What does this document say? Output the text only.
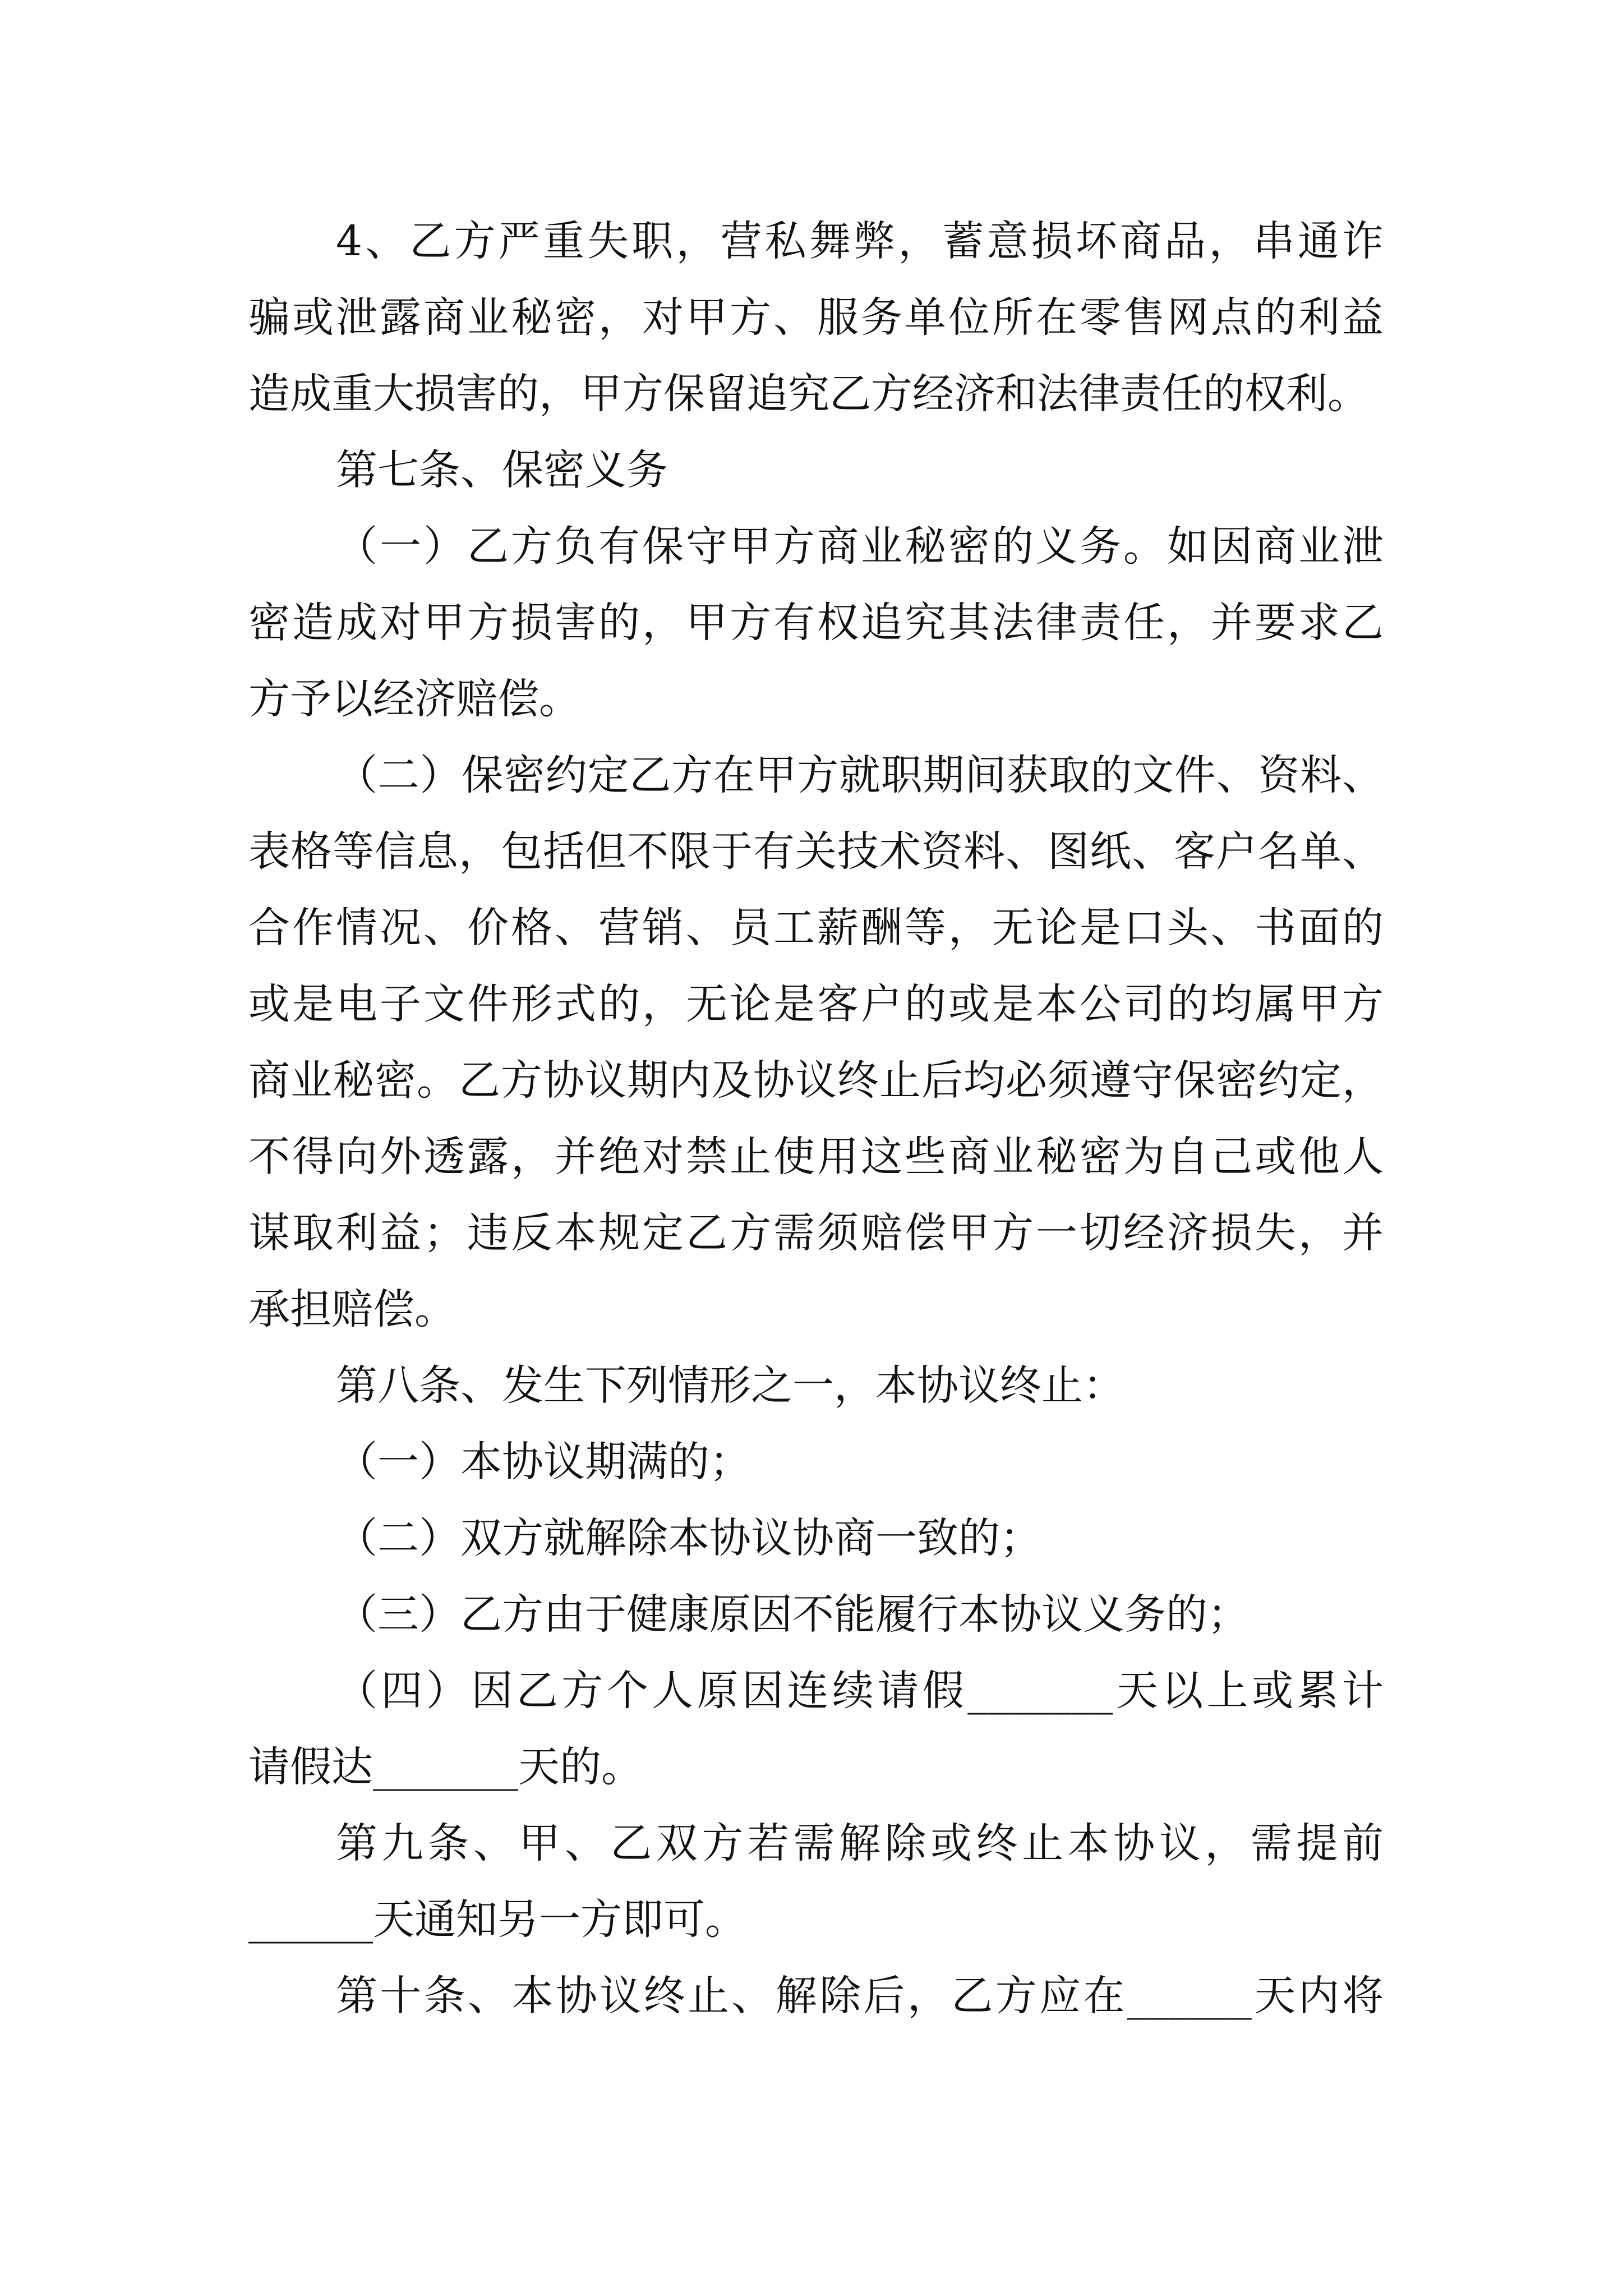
4、乙方严重失职，营私舞弊，蓄意损坏商品，串通诈
骗或泄露商业秘密，对甲方、服务单位所在零售网点的利益
造成重大损害的，甲方保留追究乙方经济和法律责任的权利。
第七条、保密义务
（一）乙方负有保守甲方商业秘密的义务。如因商业泄
密造成对甲方损害的，甲方有权追究其法律责任，并要求乙
方予以经济赔偿。
（二）保密约定乙方在甲方就职期间获取的文件、资料、
表格等信息，包括但不限于有关技术资料、图纸、客户名单、
合作情况、价格、营销、员工薪酬等，无论是口头、书面的
或是电子文件形式的，无论是客户的或是本公司的均属甲方
商业秘密。乙方协议期内及协议终止后均必须遵守保密约定，
不得向外透露，并绝对禁止使用这些商业秘密为自己或他人
谋取利益；违反本规定乙方需须赔偿甲方一切经济损失，并
承担赔偿。
第八条、发生下列情形之一，本协议终止：
（一）本协议期满的；
（二）双方就解除本协议协商一致的；
（三）乙方由于健康原因不能履行本协议义务的；
（四）因乙方个人原因连续请假_______天以上或累计
请假达_______天的。
第九条、甲、乙双方若需解除或终止本协议，需提前
______天通知另一方即可。
第十条、本协议终止、解除后，乙方应在______天内将
